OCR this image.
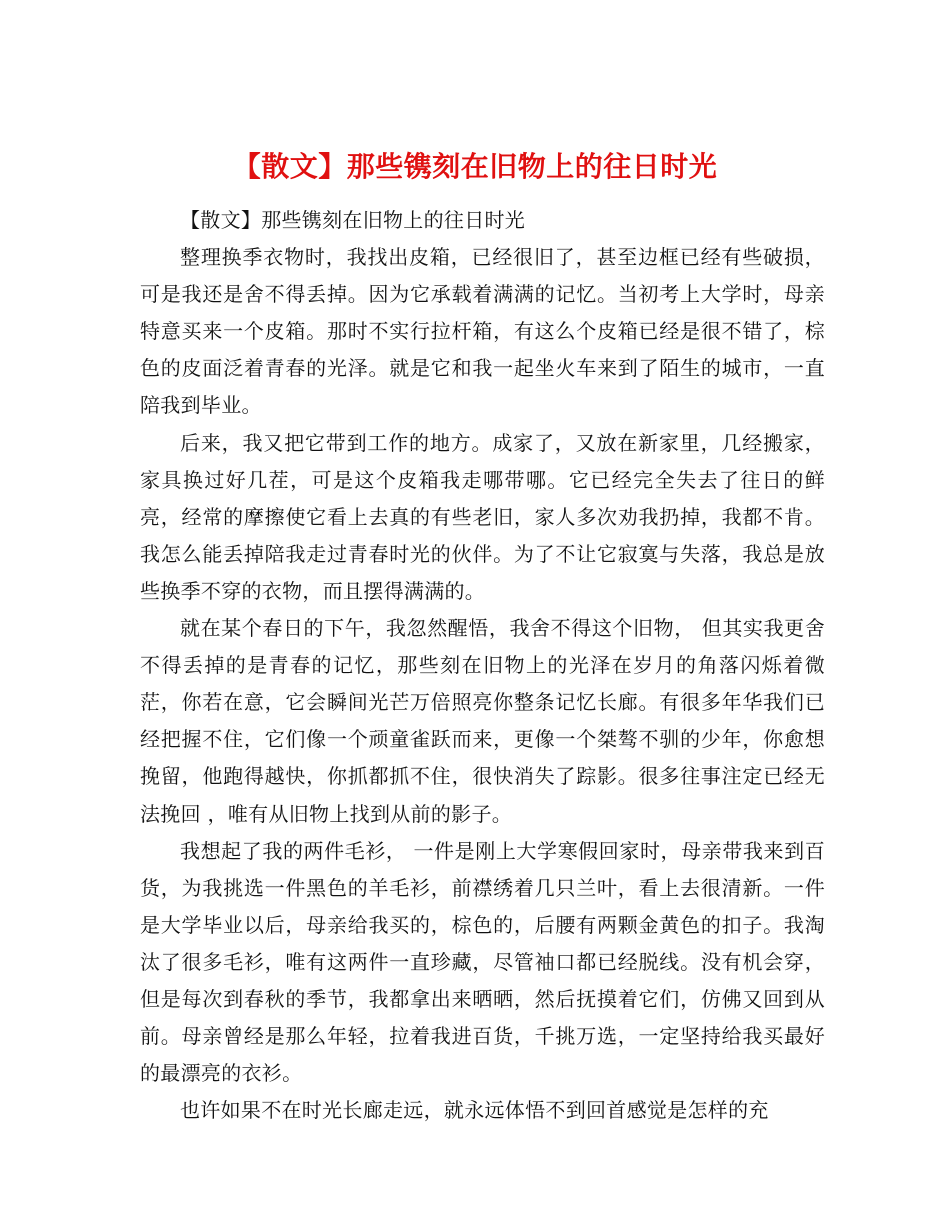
【散文】那些镌刻在旧物上的往日时光

【散文】那些镌刻在旧物上的往日时光

整理换季衣物时，我找出皮箱，已经很旧了，甚至边框已经有些破损，可是我还是舍不得丢掉。因为它承载着满满的记忆。当初考上大学时，母亲特意买来一个皮箱。那时不实行拉杆箱，有这么个皮箱已经是很不错了，棕色的皮面泛着青春的光泽。就是它和我一起坐火车来到了陌生的城市，一直陪我到毕业。

后来，我又把它带到工作的地方。成家了，又放在新家里，几经搬家，家具换过好几茬，可是这个皮箱我走哪带哪。它已经完全失去了往日的鲜亮，经常的摩擦使它看上去真的有些老旧，家人多次劝我扔掉，我都不肯。我怎么能丢掉陪我走过青春时光的伙伴。为了不让它寂寞与失落，我总是放些换季不穿的衣物，而且摆得满满的。

就在某个春日的下午，我忽然醒悟，我舍不得这个旧物， 但其实我更舍不得丢掉的是青春的记忆，那些刻在旧物上的光泽在岁月的角落闪烁着微茫，你若在意，它会瞬间光芒万倍照亮你整条记忆长廊。有很多年华我们已经把握不住，它们像一个顽童雀跃而来，更像一个桀骜不驯的少年，你愈想挽留，他跑得越快，你抓都抓不住，很快消失了踪影。很多往事注定已经无法挽回 ，唯有从旧物上找到从前的影子。

我想起了我的两件毛衫， 一件是刚上大学寒假回家时，母亲带我来到百货，为我挑选一件黑色的羊毛衫，前襟绣着几只兰叶，看上去很清新。一件是大学毕业以后，母亲给我买的，棕色的，后腰有两颗金黄色的扣子。我淘汰了很多毛衫，唯有这两件一直珍藏，尽管袖口都已经脱线。没有机会穿，但是每次到春秋的季节，我都拿出来晒晒，然后抚摸着它们，仿佛又回到从前。母亲曾经是那么年轻，拉着我进百货，千挑万选，一定坚持给我买最好的最漂亮的衣衫。

也许如果不在时光长廊走远，就永远体悟不到回首感觉是怎样的充
